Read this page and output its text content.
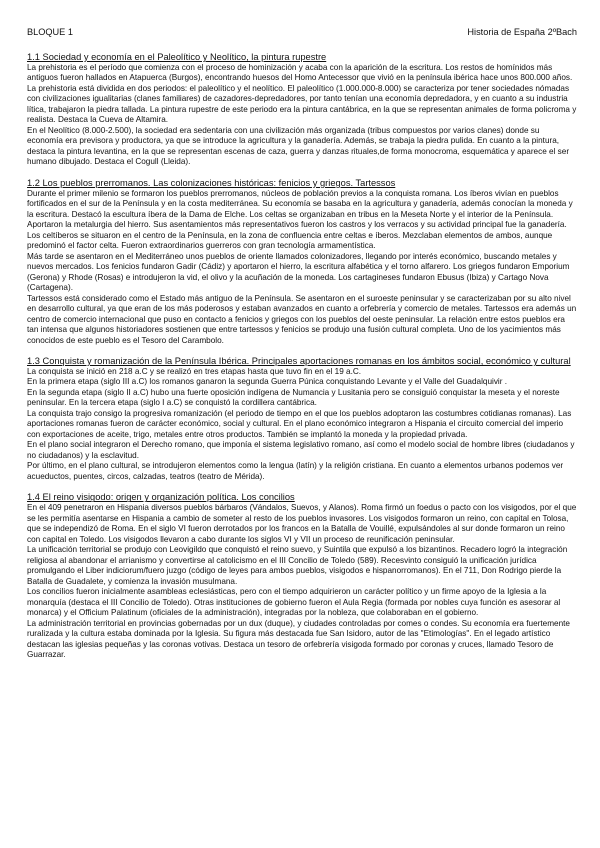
BLOQUE 1	Historia de España 2ºBach
1.1 Sociedad y economía en el Paleolítico y Neolítico, la pintura rupestre

La prehistoria es el período que comienza con el proceso de hominización y acaba con la aparición de la escritura. Los restos de homínidos más antiguos fueron hallados en Atapuerca (Burgos), encontrando huesos del Homo Antecessor que vivió en la península ibérica hace unos 800.000 años. La prehistoria está dividida en dos periodos: el paleolítico y el neolítico. El paleolítico (1.000.000-8.000) se caracteriza por tener sociedades nómadas con civilizaciones igualitarias (clanes familiares) de cazadores-depredadores, por tanto tenían una economía depredadora, y en cuanto a su industria lítica, trabajaron la piedra tallada. La pintura rupestre de este periodo era la pintura cantábrica, en la que se representan animales de forma policroma y realista. Destaca la Cueva de Altamira.

En el Neolítico (8.000-2.500), la sociedad era sedentaria con una civilización más organizada (tribus compuestos por varios clanes) donde su economía era previsora y productora, ya que se introduce la agricultura y la ganadería. Además, se trabaja la piedra pulida. En cuanto a la pintura, destaca la pintura levantina, en la que se representan escenas de caza, guerra y danzas rituales,de forma monocroma, esquemática y aparece el ser humano dibujado. Destaca el Cogull (Lleida).

1.2 Los pueblos prerromanos. Las colonizaciones históricas: fenicios y griegos. Tartessos

Durante el primer milenio se formaron los pueblos prerromanos, núcleos de población previos a la conquista romana. Los íberos vivían en pueblos fortificados en el sur de la Península y en la costa mediterránea. Su economía se basaba en la agricultura y ganadería, además conocían la moneda y la escritura. Destacó la escultura íbera de la Dama de Elche. Los celtas se organizaban en tribus en la Meseta Norte y el interior de la Península. Aportaron la metalurgia del hierro. Sus asentamientos más representativos fueron los castros y los verracos y su actividad principal fue la ganadería. Los celtíberos se situaron en el centro de la Península, en la zona de confluencia entre celtas e íberos. Mezclaban elementos de ambos, aunque predominó el factor celta. Fueron extraordinarios guerreros con gran tecnología armamentística.

Más tarde se asentaron en el Mediterráneo unos pueblos de oriente llamados colonizadores, llegando por interés económico, buscando metales y nuevos mercados. Los fenicios fundaron Gadir (Cádiz) y aportaron el hierro, la escritura alfabética y el torno alfarero. Los griegos fundaron Emporium (Gerona) y Rhode (Rosas) e introdujeron la vid, el olivo y la acuñación de la moneda. Los cartagineses fundaron Ebusus (Ibiza) y Cartago Nova (Cartagena).

Tartessos está considerado como el Estado más antiguo de la Península. Se asentaron en el suroeste peninsular y se caracterizaban por su alto nivel en desarrollo cultural, ya que eran de los más poderosos y estaban avanzados en cuanto a orfebrería y comercio de metales. Tartessos era además un centro de comercio internacional que puso en contacto a fenicios y griegos con los pueblos del oeste peninsular. La relación entre estos pueblos era tan intensa que algunos historiadores sostienen que entre tartessos y fenicios se produjo una fusión cultural completa. Uno de los yacimientos más conocidos de este pueblo es el Tesoro del Carambolo.

1.3 Conquista y romanización de la Península Ibérica. Principales aportaciones romanas en los ámbitos social, económico y cultural

La conquista se inició en 218 a.C y se realizó en tres etapas hasta que tuvo fin en el 19 a.C.

En la primera etapa (siglo III a.C) los romanos ganaron la segunda Guerra Púnica conquistando Levante y el Valle del Guadalquivir .

En la segunda etapa (siglo II a.C) hubo una fuerte oposición indígena de Numancia y Lusitania pero se consiguió conquistar la meseta y el noreste peninsular. En la tercera etapa (siglo I a.C) se conquistó la cordillera cantábrica.

La conquista trajo consigo la progresiva romanización (el periodo de tiempo en el que los pueblos adoptaron las costumbres cotidianas romanas). Las aportaciones romanas fueron de carácter económico, social y cultural. En el plano económico integraron a Hispania el circuito comercial del imperio con exportaciones de aceite, trigo, metales entre otros productos. También se implantó la moneda y la propiedad privada.

En el plano social integraron el Derecho romano, que imponía el sistema legislativo romano, así como el modelo social de hombre libres (ciudadanos y no ciudadanos) y la esclavitud.

Por último, en el plano cultural, se introdujeron elementos como la lengua (latín) y la religión cristiana. En cuanto a elementos urbanos podemos ver acueductos, puentes, circos, calzadas, teatros (teatro de Mérida).

1.4 El reino visigodo: origen y organización política. Los concilios

En el 409 penetraron en Hispania diversos pueblos bárbaros (Vándalos, Suevos, y Alanos). Roma firmó un foedus o pacto con los visigodos, por el que se les permitía asentarse en Hispania a cambio de someter al resto de los pueblos invasores. Los visigodos formaron un reino, con capital en Tolosa, que se independizó de Roma. En el siglo VI fueron derrotados por los francos en la Batalla de Vouillé, expulsándoles al sur donde formaron un reino con capital en Toledo. Los visigodos llevaron a cabo durante los siglos VI y VII un proceso de reunificación peninsular.

La unificación territorial se produjo con Leovigildo que conquistó el reino suevo, y Suintila que expulsó a los bizantinos. Recadero logró la integración religiosa al abandonar el arrianismo y convertirse al catolicismo en el III Concilio de Toledo (589). Recesvinto consiguió la unificación jurídica promulgando el Liber indiciorum/fuero juzgo (código de leyes para ambos pueblos, visigodos e hispanorromanos). En el 711, Don Rodrigo pierde la Batalla de Guadalete, y comienza la invasión musulmana.

Los concilios fueron inicialmente asambleas eclesiásticas, pero con el tiempo adquirieron un carácter político y un firme apoyo de la Iglesia a la monarquía (destaca el III Concilio de Toledo). Otras instituciones de gobierno fueron el Aula Regia (formada por nobles cuya función es asesorar al monarca) y el Officium Palatinum (oficiales de la administración), integradas por la nobleza, que colaboraban en el gobierno.

La administración territorial en provincias gobernadas por un dux (duque), y ciudades controladas por comes o condes. Su economía era fuertemente ruralizada y la cultura estaba dominada por la Iglesia. Su figura más destacada fue San Isidoro, autor de las "Etimologías". En el legado artístico destacan las iglesias pequeñas y las coronas votivas. Destaca un tesoro de orfebrería visigoda formado por coronas y cruces, llamado Tesoro de Guarrazar.
